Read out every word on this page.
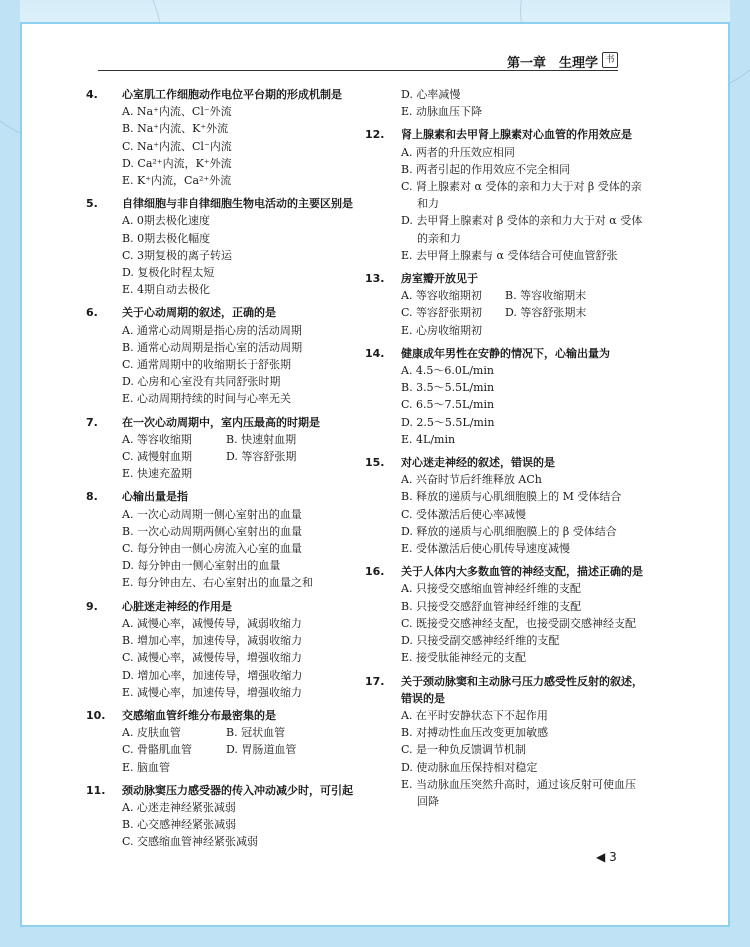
第一章　生理学 书
4. 心室肌工作细胞动作电位平台期的形成机制是
A. Na⁺内流、Cl⁻外流
B. Na⁺内流、K⁺外流
C. Na⁺内流、Cl⁻内流
D. Ca²⁺内流，K⁺外流
E. K⁺内流，Ca²⁺外流
5. 自律细胞与非自律细胞生物电活动的主要区别是
A. 0期去极化速度
B. 0期去极化幅度
C. 3期复极的离子转运
D. 复极化时程太短
E. 4期自动去极化
6. 关于心动周期的叙述，正确的是
A. 通常心动周期是指心房的活动周期
B. 通常心动周期是指心室的活动周期
C. 通常周期中的收缩期长于舒张期
D. 心房和心室没有共同舒张时期
E. 心动周期持续的时间与心率无关
7. 在一次心动周期中，室内压最高的时期是
A. 等容收缩期	B. 快速射血期
C. 减慢射血期	D. 等容舒张期
E. 快速充盈期
8. 心输出量是指
A. 一次心动周期一侧心室射出的血量
B. 一次心动周期两侧心室射出的血量
C. 每分钟由一侧心房流入心室的血量
D. 每分钟由一侧心室射出的血量
E. 每分钟由左、右心室射出的血量之和
9. 心脏迷走神经的作用是
A. 减慢心率，减慢传导，减弱收缩力
B. 增加心率，加速传导，减弱收缩力
C. 减慢心率，减慢传导，增强收缩力
D. 增加心率，加速传导，增强收缩力
E. 减慢心率，加速传导，增强收缩力
10. 交感缩血管纤维分布最密集的是
A. 皮肤血管	B. 冠状血管
C. 骨骼肌血管	D. 胃肠道血管
E. 脑血管
11. 颈动脉窦压力感受器的传入冲动减少时，可引起
A. 心迷走神经紧张减弱
B. 心交感神经紧张减弱
C. 交感缩血管神经紧张减弱
D. 心率减慢
E. 动脉血压下降
12. 肾上腺素和去甲肾上腺素对心血管的作用效应是
A. 两者的升压效应相同
B. 两者引起的作用效应不完全相同
C. 肾上腺素对 α 受体的亲和力大于对 β 受体的亲和力
D. 去甲肾上腺素对 β 受体的亲和力大于对 α 受体的亲和力
E. 去甲肾上腺素与 α 受体结合可使血管舒张
13. 房室瓣开放见于
A. 等容收缩期初	B. 等容收缩期末
C. 等容舒张期初	D. 等容舒张期末
E. 心房收缩期初
14. 健康成年男性在安静的情况下，心输出量为
A. 4.5～6.0L/min
B. 3.5～5.5L/min
C. 6.5～7.5L/min
D. 2.5～5.5L/min
E. 4L/min
15. 对心迷走神经的叙述，错误的是
A. 兴奋时节后纤维释放 ACh
B. 释放的递质与心肌细胞膜上的 M 受体结合
C. 受体激活后使心率减慢
D. 释放的递质与心肌细胞膜上的 β 受体结合
E. 受体激活后使心肌传导速度减慢
16. 关于人体内大多数血管的神经支配，描述正确的是
A. 只接受交感缩血管神经纤维的支配
B. 只接受交感舒血管神经纤维的支配
C. 既接受交感神经支配，也接受副交感神经支配
D. 只接受副交感神经纤维的支配
E. 接受肽能神经元的支配
17. 关于颈动脉窦和主动脉弓压力感受性反射的叙述，错误的是
A. 在平时安静状态下不起作用
B. 对搏动性血压改变更加敏感
C. 是一种负反馈调节机制
D. 使动脉血压保持相对稳定
E. 当动脉血压突然升高时，通过该反射可使血压回降
◀ 3
